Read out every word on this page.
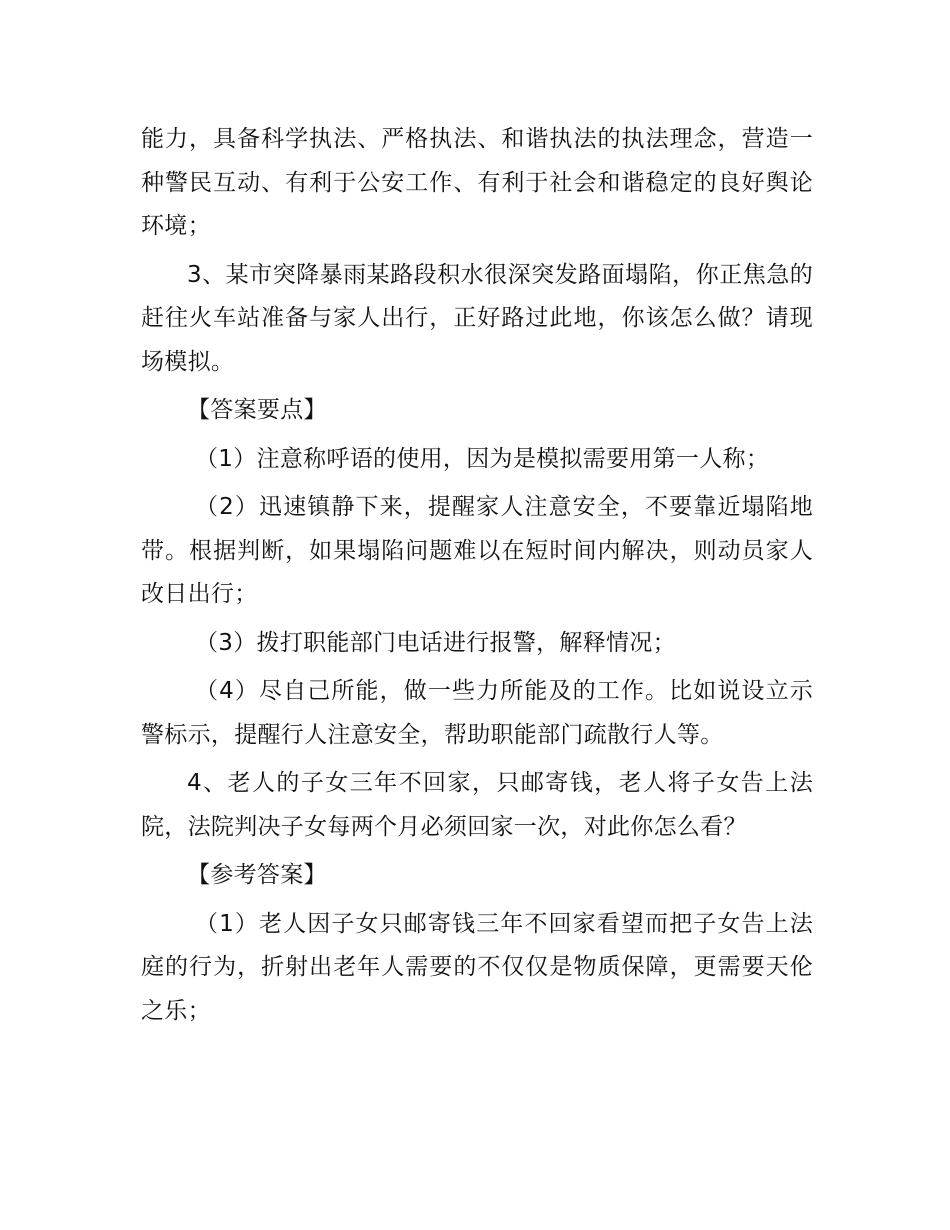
能力，具备科学执法、严格执法、和谐执法的执法理念，营造一种警民互动、有利于公安工作、有利于社会和谐稳定的良好舆论环境；

3、某市突降暴雨某路段积水很深突发路面塌陷，你正焦急的赶往火车站准备与家人出行，正好路过此地，你该怎么做？请现场模拟。

【答案要点】

（1）注意称呼语的使用，因为是模拟需要用第一人称；

（2）迅速镇静下来，提醒家人注意安全，不要靠近塌陷地带。根据判断，如果塌陷问题难以在短时间内解决，则动员家人改日出行；

（3）拨打职能部门电话进行报警，解释情况；

（4）尽自己所能，做一些力所能及的工作。比如说设立示警标示，提醒行人注意安全，帮助职能部门疏散行人等。

4、老人的子女三年不回家，只邮寄钱，老人将子女告上法院，法院判决子女每两个月必须回家一次，对此你怎么看？

【参考答案】

（1）老人因子女只邮寄钱三年不回家看望而把子女告上法庭的行为，折射出老年人需要的不仅仅是物质保障，更需要天伦之乐；
